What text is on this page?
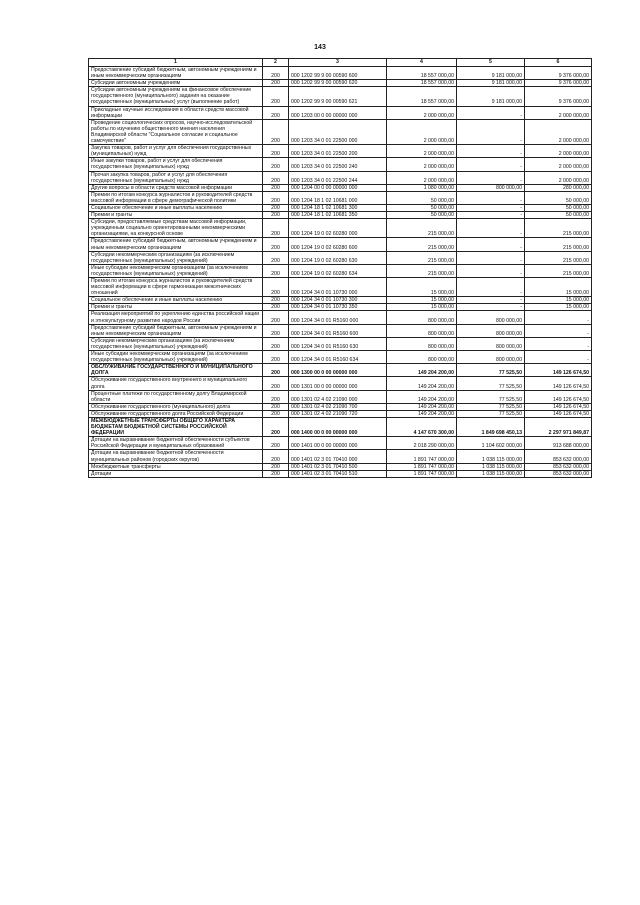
143
1	2	3	4	5	6
Предоставление субсидий бюджетным, автономным учреждениям и иным некоммерческим организациям	200	000 1202 99 9 00 00590 600	18 557 000,00	9 181 000,00	9 376 000,00
Субсидии автономным учреждениям	200	000 1202 99 9 00 00590 620	18 557 000,00	9 181 000,00	9 376 000,00
Субсидии автономным учреждениям на финансовое обеспечение государственного (муниципального) задания на оказание государственных (муниципальных) услуг (выполнение работ)	200	000 1202 99 9 00 00590 621	18 557 000,00	9 181 000,00	9 376 000,00
Прикладные научные исследования в области средств массовой информации	200	000 1203 00 0 00 00000 000	2 000 000,00	-	2 000 000,00
Проведение социологических опросов, научно-исследовательской работы по изучению общественного мнения населения Владимирской области "Социальное согласие и социальное самочувствие"	200	000 1203 34 0 01 22500 000	2 000 000,00	-	2 000 000,00
Закупка товаров, работ и услуг для обеспечения государственных (муниципальных) нужд	200	000 1203 34 0 01 22500 200	2 000 000,00	-	2 000 000,00
Иные закупки товаров, работ и услуг для обеспечения государственных (муниципальных) нужд	200	000 1203 34 0 01 22500 240	2 000 000,00	-	2 000 000,00
Прочая закупка товаров, работ и услуг для обеспечения государственных (муниципальных) нужд	200	000 1203 34 0 01 22500 244	2 000 000,00	-	2 000 000,00
Другие вопросы в области средств массовой информации	200	000 1204 00 0 00 00000 000	1 080 000,00	800 000,00	280 000,00
Премии по итогам конкурса журналистов и руководителей средств массовой информации в сфере демографической политики	200	000 1204 18 1 02 10681 000	50 000,00	-	50 000,00
Социальное обеспечение и иные выплаты населению	200	000 1204 18 1 02 10681 300	50 000,00	-	50 000,00
Премии и гранты	200	000 1204 18 1 02 10681 350	50 000,00	-	50 000,00
Субсидии, предоставляемые средствам массовой информации, учрежденным социально ориентированными некоммерческими организациями, на конкурсной основе	200	000 1204 19 0 02 60280 000	215 000,00	-	215 000,00
Предоставление субсидий бюджетным, автономным учреждениям и иным некоммерческим организациям	200	000 1204 19 0 02 60280 600	215 000,00	-	215 000,00
Субсидии некоммерческим организациям (за исключением государственных (муниципальных) учреждений)	200	000 1204 19 0 02 60280 630	215 000,00	-	215 000,00
Иные субсидии некоммерческим организациям (за исключением государственных (муниципальных) учреждений)	200	000 1204 19 0 02 60280 634	215 000,00	-	215 000,00
Премии по итогам конкурса журналистов и руководителей средств массовой информации в сфере гармонизации межэтнических отношений	200	000 1204 34 0 01 10730 000	15 000,00	-	15 000,00
Социальное обеспечение и иные выплаты населению	200	000 1204 34 0 01 10730 300	15 000,00	-	15 000,00
Премии и гранты	200	000 1204 34 0 01 10730 350	15 000,00	-	15 000,00
Реализация мероприятий по укреплению единства российской нации и этнокультурному развитию народов России	200	000 1204 34 0 01 R5160 000	800 000,00	800 000,00	-
Предоставление субсидий бюджетным, автономным учреждениям и иным некоммерческим организациям	200	000 1204 34 0 01 R5160 600	800 000,00	800 000,00	-
Субсидии некоммерческим организациям (за исключением государственных (муниципальных) учреждений)	200	000 1204 34 0 01 R5160 630	800 000,00	800 000,00	-
Иные субсидии некоммерческим организациям (за исключением государственных (муниципальных) учреждений)	200	000 1204 34 0 01 R5160 634	800 000,00	800 000,00	-
ОБСЛУЖИВАНИЕ ГОСУДАРСТВЕННОГО И МУНИЦИПАЛЬНОГО ДОЛГА	200	000 1300 00 0 00 00000 000	149 204 200,00	77 525,50	149 126 674,50
Обслуживание государственного внутреннего и муниципального долга	200	000 1301 00 0 00 00000 000	149 204 200,00	77 525,50	149 126 674,50
Процентные платежи по государственному долгу Владимирской области	200	000 1301 02 4 02 21090 000	149 204 200,00	77 525,50	149 126 674,50
Обслуживание государственного (муниципального) долга	200	000 1301 02 4 02 21090 700	149 204 200,00	77 525,50	149 126 674,50
Обслуживание государственного долга Российской Федерации	200	000 1301 02 4 02 21090 720	149 204 200,00	77 525,50	149 126 674,50
МЕЖБЮДЖЕТНЫЕ ТРАНСФЕРТЫ ОБЩЕГО ХАРАКТЕРА БЮДЖЕТАМ БЮДЖЕТНОЙ СИСТЕМЫ РОССИЙСКОЙ ФЕДЕРАЦИИ	200	000 1400 00 0 00 00000 000	4 147 670 300,00	1 849 698 450,13	2 297 971 849,87
Дотации на выравнивание бюджетной обеспеченности субъектов Российской Федерации и муниципальных образований	200	000 1401 00 0 00 00000 000	2 018 290 000,00	1 104 602 000,00	913 688 000,00
Дотации на выравнивание бюджетной обеспеченности муниципальных районов (городских округов)	200	000 1401 02 3 01 70410 000	1 891 747 000,00	1 038 115 000,00	853 632 000,00
Межбюджетные трансферты	200	000 1401 02 3 01 70410 500	1 891 747 000,00	1 038 115 000,00	853 632 000,00
Дотации	200	000 1401 02 3 01 70410 510	1 891 747 000,00	1 038 115 000,00	853 632 000,00
